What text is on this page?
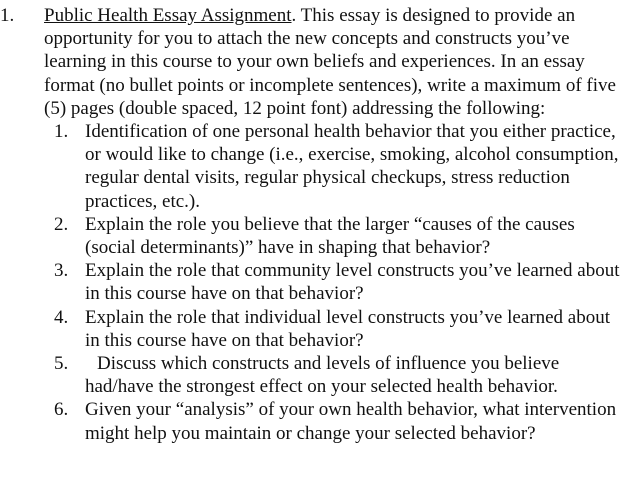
1. Public Health Essay Assignment. This essay is designed to provide an opportunity for you to attach the new concepts and constructs you’ve learning in this course to your own beliefs and experiences. In an essay format (no bullet points or incomplete sentences), write a maximum of five (5) pages (double spaced, 12 point font) addressing the following:
1. Identification of one personal health behavior that you either practice, or would like to change (i.e., exercise, smoking, alcohol consumption, regular dental visits, regular physical checkups, stress reduction practices, etc.).
2. Explain the role you believe that the larger “causes of the causes (social determinants)” have in shaping that behavior?
3. Explain the role that community level constructs you’ve learned about in this course have on that behavior?
4. Explain the role that individual level constructs you’ve learned about in this course have on that behavior?
5. Discuss which constructs and levels of influence you believe had/have the strongest effect on your selected health behavior.
6. Given your “analysis” of your own health behavior, what intervention might help you maintain or change your selected behavior?
